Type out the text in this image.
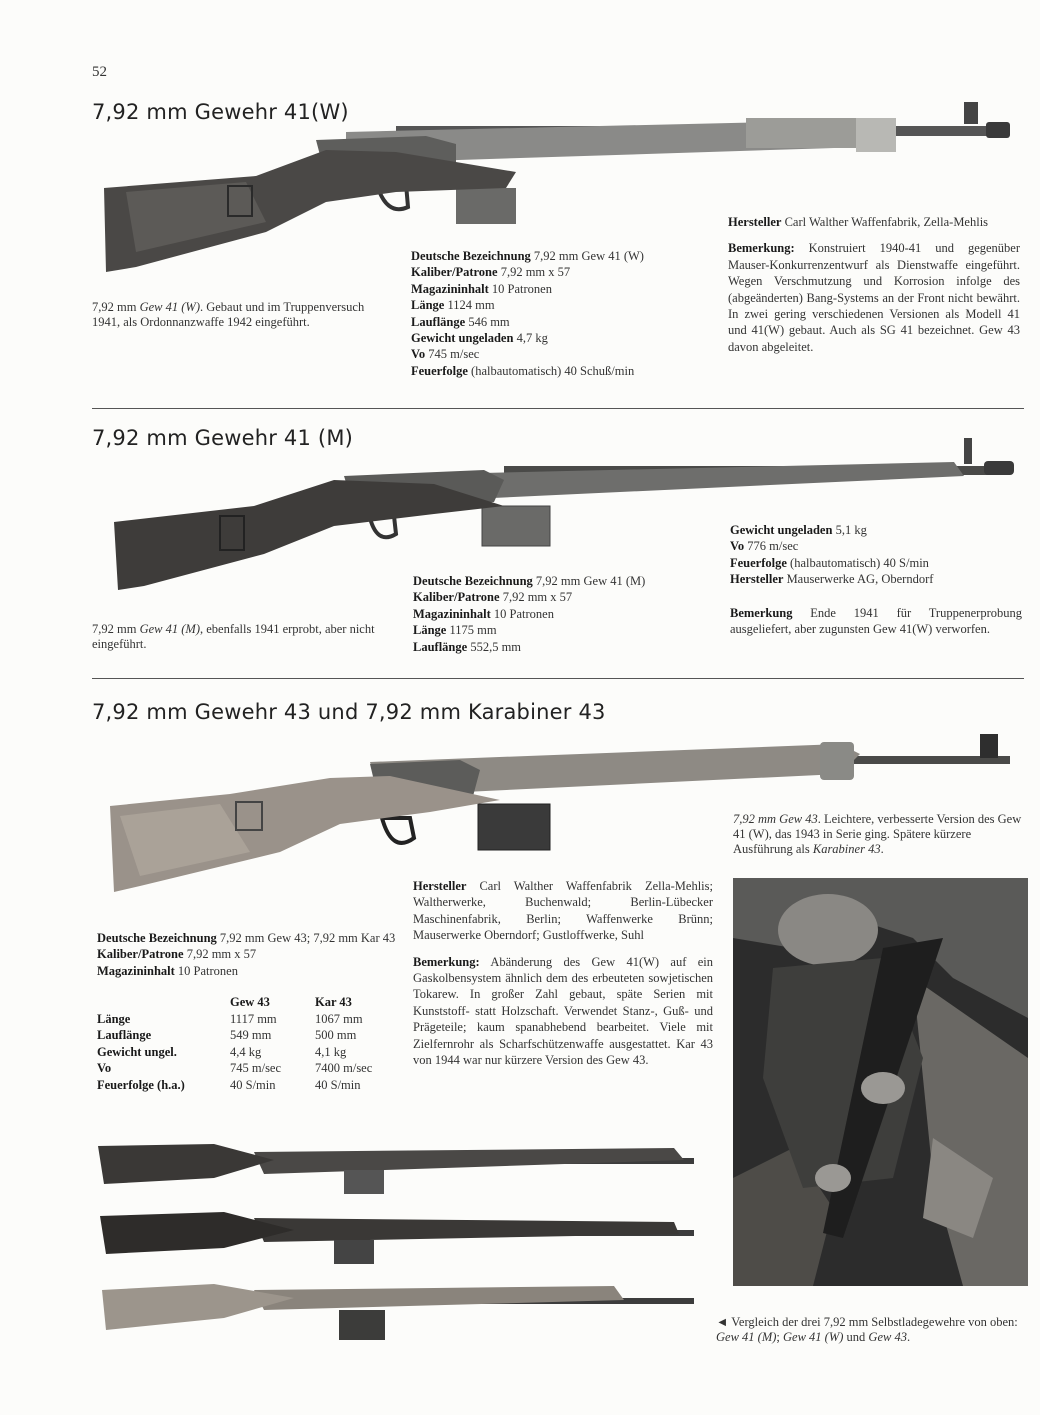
52
7,92 mm Gewehr 41(W)
7,92 mm Gew 41 (W). Gebaut und im Truppenversuch 1941, als Ordonnanzwaffe 1942 eingeführt.
Deutsche Bezeichnung 7,92 mm Gew 41 (W)
Kaliber/Patrone 7,92 mm x 57
Magazininhalt 10 Patronen
Länge 1124 mm
Lauflänge 546 mm
Gewicht ungeladen 4,7 kg
Vo 745 m/sec
Feuerfolge (halbautomatisch) 40 Schuß/min
Hersteller Carl Walther Waffenfabrik, Zella-Mehlis
Bemerkung: Konstruiert 1940-41 und gegenüber Mauser-Konkurrenzentwurf als Dienstwaffe eingeführt. Wegen Verschmutzung und Korrosion infolge des (abgeänderten) Bang-Systems an der Front nicht bewährt. In zwei gering verschiedenen Versionen als Modell 41 und 41(W) gebaut. Auch als SG 41 bezeichnet. Gew 43 davon abgeleitet.
7,92 mm Gewehr 41 (M)
7,92 mm Gew 41 (M), ebenfalls 1941 erprobt, aber nicht eingeführt.
Deutsche Bezeichnung 7,92 mm Gew 41 (M)
Kaliber/Patrone 7,92 mm x 57
Magazininhalt 10 Patronen
Länge 1175 mm
Lauflänge 552,5 mm
Gewicht ungeladen 5,1 kg
Vo 776 m/sec
Feuerfolge (halbautomatisch) 40 S/min
Hersteller Mauserwerke AG, Oberndorf
Bemerkung Ende 1941 für Truppenerprobung ausgeliefert, aber zugunsten Gew 41(W) verworfen.
7,92 mm Gewehr 43 und 7,92 mm Karabiner 43
7,92 mm Gew 43. Leichtere, verbesserte Version des Gew 41 (W), das 1943 in Serie ging. Spätere kürzere Ausführung als Karabiner 43.
Deutsche Bezeichnung 7,92 mm Gew 43; 7,92 mm Kar 43
Kaliber/Patrone 7,92 mm x 57
Magazininhalt 10 Patronen
	Gew 43	Kar 43
Länge	1117 mm	1067 mm
Lauflänge	549 mm	500 mm
Gewicht ungel.	4,4 kg	4,1 kg
Vo	745 m/sec	7400 m/sec
Feuerfolge (h.a.)	40 S/min	40 S/min
Hersteller Carl Walther Waffenfabrik Zella-Mehlis; Waltherwerke, Buchenwald; Berlin-Lübecker Maschinenfabrik, Berlin; Waffenwerke Brünn; Mauserwerke Oberndorf; Gustloffwerke, Suhl
Bemerkung: Abänderung des Gew 41(W) auf ein Gaskolbensystem ähnlich dem des erbeuteten sowjetischen Tokarew. In großer Zahl gebaut, späte Serien mit Kunststoff- statt Holzschaft. Verwendet Stanz-, Guß- und Prägeteile; kaum spanabhebend bearbeitet. Viele mit Zielfernrohr als Scharfschützenwaffe ausgestattet. Kar 43 von 1944 war nur kürzere Version des Gew 43.
◄ Vergleich der drei 7,92 mm Selbstladegewehre von oben: Gew 41 (M); Gew 41 (W) und Gew 43.
